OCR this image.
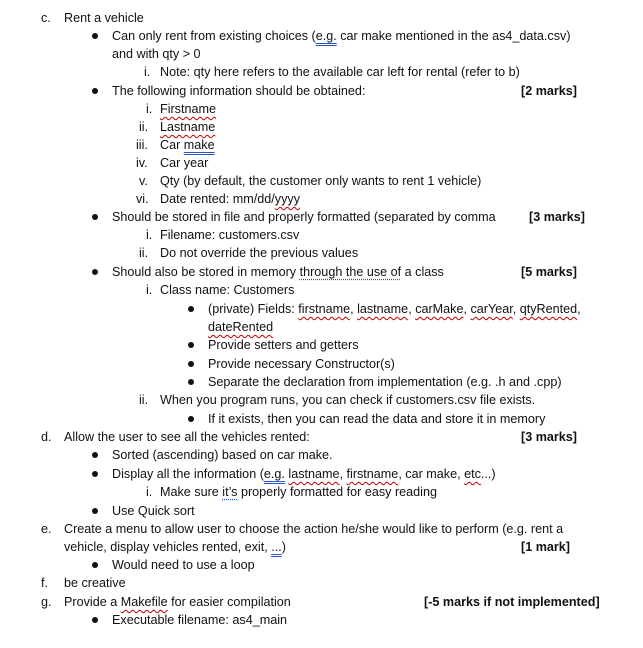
c. Rent a vehicle
Can only rent from existing choices (e.g. car make mentioned in the as4_data.csv)
and with qty > 0
i. Note: qty here refers to the available car left for rental (refer to b)
The following information should be obtained:	[2 marks]
i. Firstname
ii. Lastname
iii. Car make
iv. Car year
v. Qty (by default, the customer only wants to rent 1 vehicle)
vi. Date rented: mm/dd/yyyy
Should be stored in file and properly formatted (separated by comma	[3 marks]
i. Filename: customers.csv
ii. Do not override the previous values
Should also be stored in memory through the use of a class	[5 marks]
i. Class name: Customers
(private) Fields: firstname, lastname, carMake, carYear, qtyRented,
dateRented
Provide setters and getters
Provide necessary Constructor(s)
Separate the declaration from implementation (e.g. .h and .cpp)
ii. When you program runs, you can check if customers.csv file exists.
If it exists, then you can read the data and store it in memory
d. Allow the user to see all the vehicles rented:	[3 marks]
Sorted (ascending) based on car make.
Display all the information (e.g. lastname, firstname, car make, etc...)
i. Make sure it’s properly formatted for easy reading
Use Quick sort
e. Create a menu to allow user to choose the action he/she would like to perform (e.g. rent a
vehicle, display vehicles rented, exit, ...)	[1 mark]
Would need to use a loop
f. be creative
g. Provide a Makefile for easier compilation	[-5 marks if not implemented]
Executable filename: as4_main
